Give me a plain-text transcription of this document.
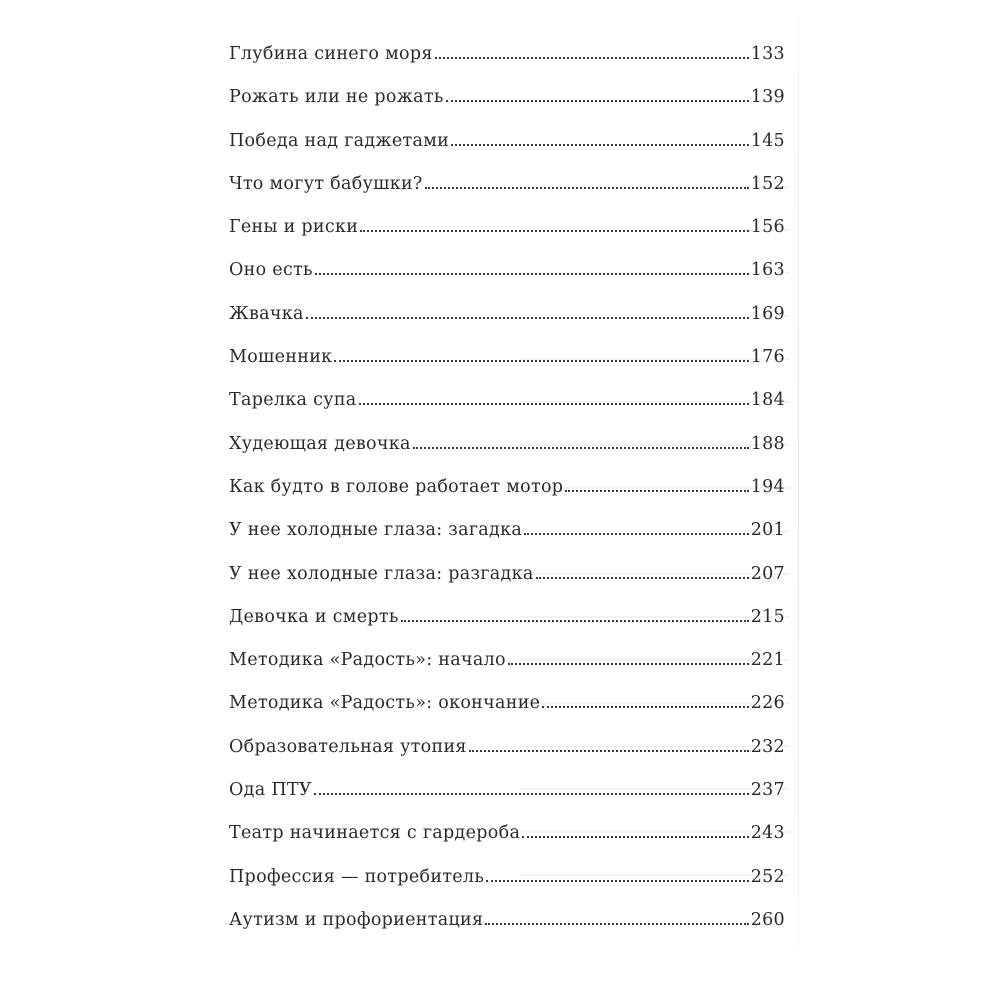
Глубина синего моря	133
Рожать или не рожать	139
Победа над гаджетами	145
Что могут бабушки?	152
Гены и риски	156
Оно есть	163
Жвачка	169
Мошенник	176
Тарелка супа	184
Худеющая девочка	188
Как будто в голове работает мотор	194
У нее холодные глаза: загадка	201
У нее холодные глаза: разгадка	207
Девочка и смерть	215
Методика «Радость»: начало	221
Методика «Радость»: окончание	226
Образовательная утопия	232
Ода ПТУ	237
Театр начинается с гардероба	243
Профессия — потребитель	252
Аутизм и профориентация	260
